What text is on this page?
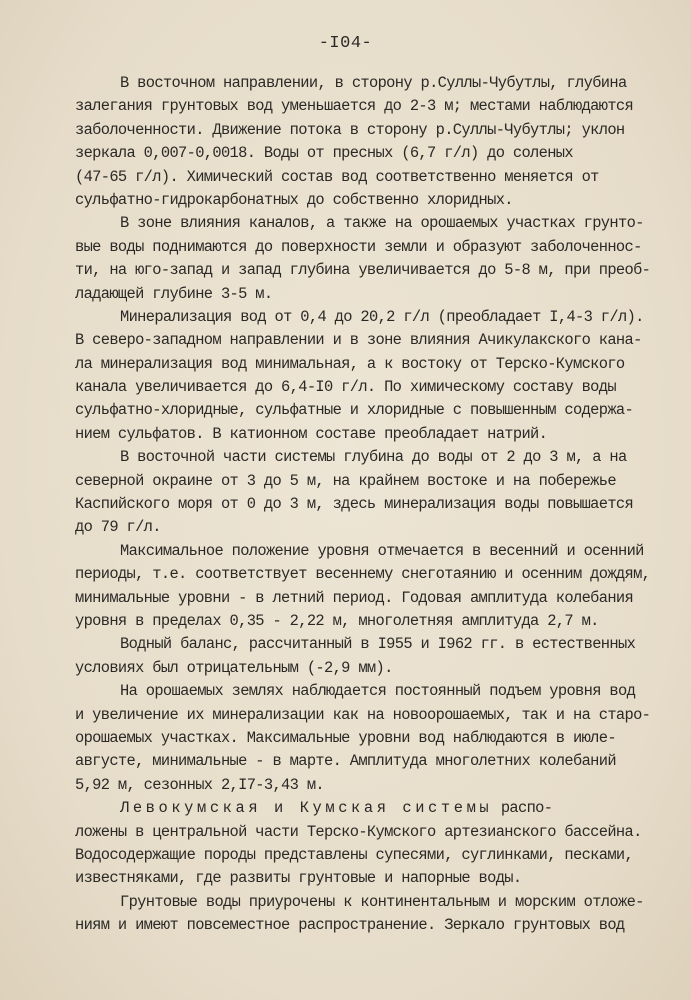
-I04-
В восточном направлении, в сторону р.Суллы-Чубутлы, глубина
залегания грунтовых вод уменьшается до 2-3 м; местами наблюдаются
заболоченности. Движение потока в сторону р.Суллы-Чубутлы; уклон
зеркала 0,007-0,0018. Воды от пресных (6,7 г/л) до соленых
(47-65 г/л). Химический состав вод соответственно меняется от
сульфатно-гидрокарбонатных до собственно хлоридных.
В зоне влияния каналов, а также на орошаемых участках грунто-
вые воды поднимаются до поверхности земли и образуют заболоченнос-
ти, на юго-запад и запад глубина увеличивается до 5-8 м, при преоб-
ладающей глубине 3-5 м.
Минерализация вод от 0,4 до 20,2 г/л (преобладает I,4-3 г/л).
В северо-западном направлении и в зоне влияния Ачикулакского кана-
ла минерализация вод минимальная, а к востоку от Терско-Кумского
канала увеличивается до 6,4-I0 г/л. По химическому составу воды
сульфатно-хлоридные, сульфатные и хлоридные с повышенным содержа-
нием сульфатов. В катионном составе преобладает натрий.
В восточной части системы глубина до воды от 2 до 3 м, а на
северной окраине от 3 до 5 м, на крайнем востоке и на побережье
Каспийского моря от 0 до 3 м, здесь минерализация воды повышается
до 79 г/л.
Максимальное положение уровня отмечается в весенний и осенний
периоды, т.е. соответствует весеннему снеготаянию и осенним дождям,
минимальные уровни - в летний период. Годовая амплитуда колебания
уровня в пределах 0,35 - 2,22 м, многолетняя амплитуда 2,7 м.
Водный баланс, рассчитанный в I955 и I962 гг. в естественных
условиях был отрицательным (-2,9 мм).
На орошаемых землях наблюдается постоянный подъем уровня вод
и увеличение их минерализации как на новоорошаемых, так и на старо-
орошаемых участках. Максимальные уровни вод наблюдаются в июле-
августе, минимальные - в марте. Амплитуда многолетних колебаний
5,92 м, сезонных 2,I7-3,43 м.
Левокумская и Кумская системы распо-
ложены в центральной части Терско-Кумского артезианского бассейна.
Водосодержащие породы представлены супесями, суглинками, песками,
известняками, где развиты грунтовые и напорные воды.
Грунтовые воды приурочены к континентальным и морским отложе-
ниям и имеют повсеместное распространение. Зеркало грунтовых вод
